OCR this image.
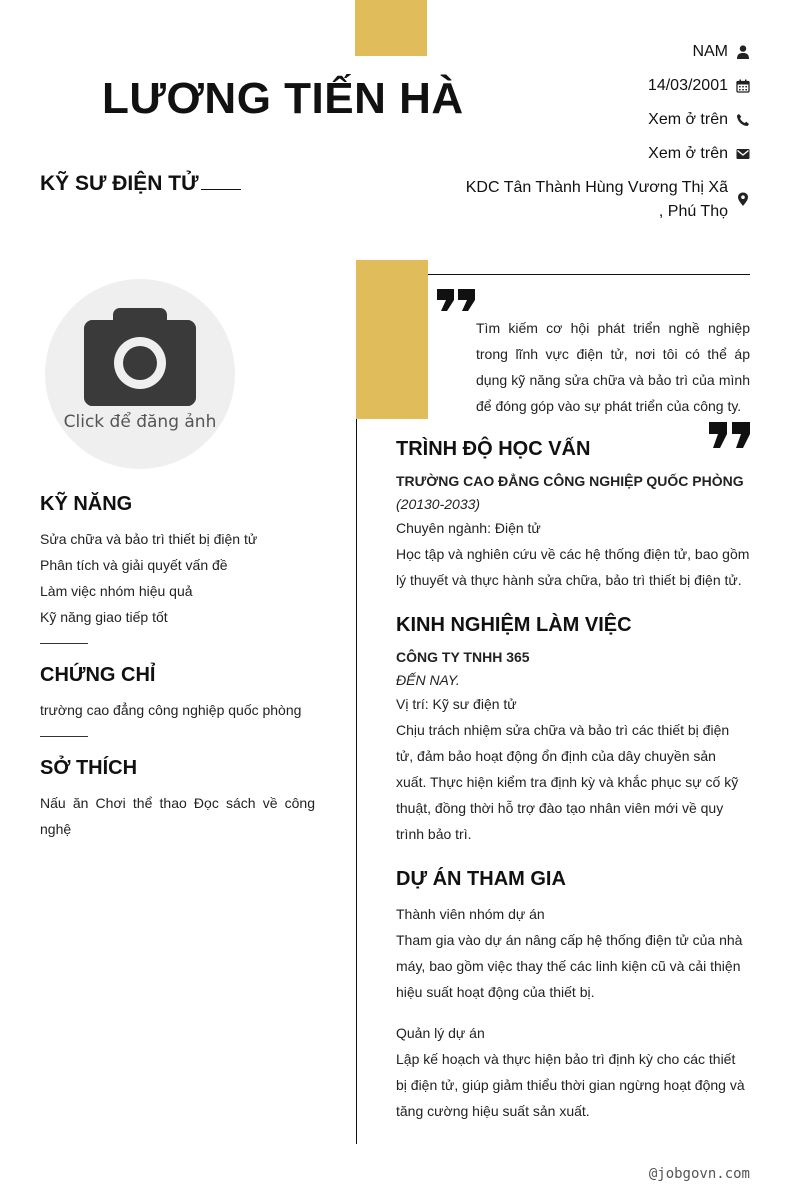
LƯƠNG TIẾN HÀ
KỸ SƯ ĐIỆN TỬ
NAM
14/03/2001
Xem ở trên
Xem ở trên
KDC Tân Thành Hùng Vương Thị Xã
, Phú Thọ
Click để đăng ảnh
KỸ NĂNG
Sửa chữa và bảo trì thiết bị điện tử
Phân tích và giải quyết vấn đề
Làm việc nhóm hiệu quả
Kỹ năng giao tiếp tốt
CHỨNG CHỈ
trường cao đẳng công nghiệp quốc phòng
SỞ THÍCH
Nấu ăn Chơi thể thao Đọc sách về công nghệ
Tìm kiếm cơ hội phát triển nghề nghiệp trong lĩnh vực điện tử, nơi tôi có thể áp dụng kỹ năng sửa chữa và bảo trì của mình để đóng góp vào sự phát triển của công ty.
TRÌNH ĐỘ HỌC VẤN
TRƯỜNG CAO ĐẲNG CÔNG NGHIỆP QUỐC PHÒNG
(20130-2033)
Chuyên ngành: Điện tử
Học tập và nghiên cứu về các hệ thống điện tử, bao gồm lý thuyết và thực hành sửa chữa, bảo trì thiết bị điện tử.
KINH NGHIỆM LÀM VIỆC
CÔNG TY TNHH 365
ĐẾN NAY.
Vị trí: Kỹ sư điện tử
Chịu trách nhiệm sửa chữa và bảo trì các thiết bị điện tử, đảm bảo hoạt động ổn định của dây chuyền sản xuất. Thực hiện kiểm tra định kỳ và khắc phục sự cố kỹ thuật, đồng thời hỗ trợ đào tạo nhân viên mới về quy trình bảo trì.
DỰ ÁN THAM GIA
Thành viên nhóm dự án
Tham gia vào dự án nâng cấp hệ thống điện tử của nhà máy, bao gồm việc thay thế các linh kiện cũ và cải thiện hiệu suất hoạt động của thiết bị.
Quản lý dự án
Lập kế hoạch và thực hiện bảo trì định kỳ cho các thiết bị điện tử, giúp giảm thiểu thời gian ngừng hoạt động và tăng cường hiệu suất sản xuất.
@jobgovn.com
